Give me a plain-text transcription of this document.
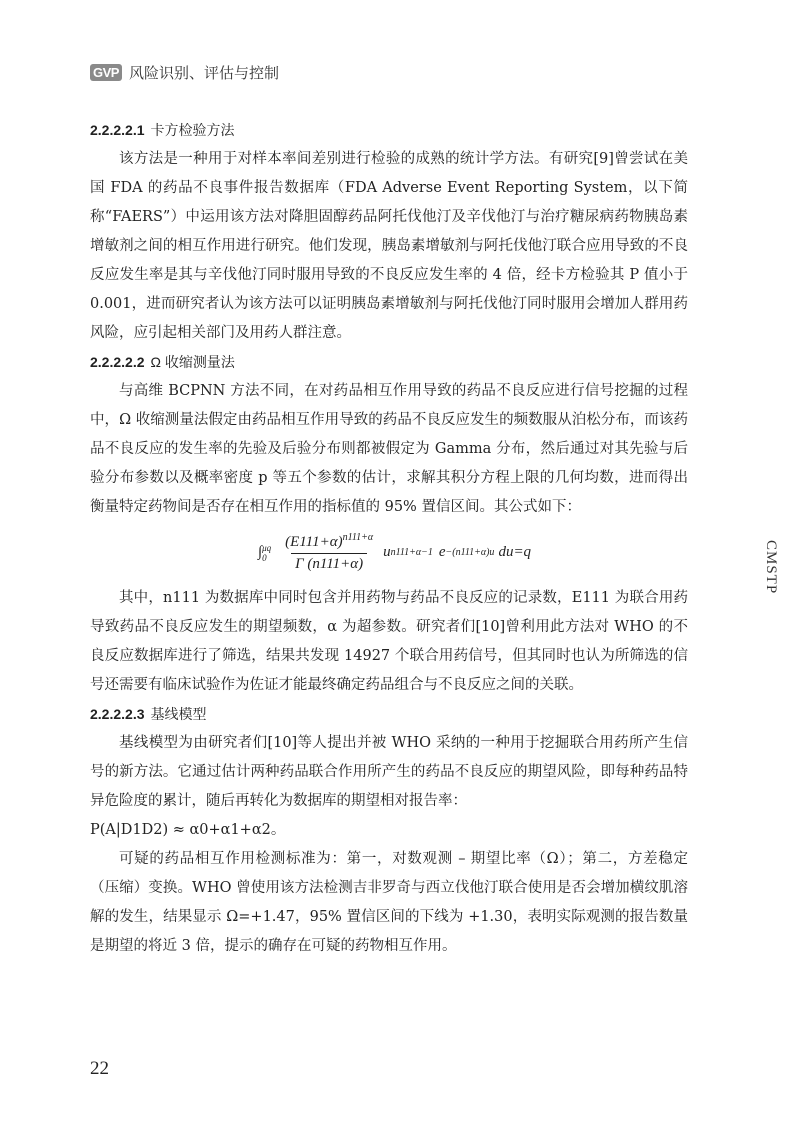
GVP 风险识别、评估与控制
2.2.2.2.1 卡方检验方法

该方法是一种用于对样本率间差别进行检验的成熟的统计学方法。有研究[9]曾尝试在美国 FDA 的药品不良事件报告数据库（FDA Adverse Event Reporting System，以下简称“FAERS”）中运用该方法对降胆固醇药品阿托伐他汀及辛伐他汀与治疗糖尿病药物胰岛素增敏剂之间的相互作用进行研究。他们发现，胰岛素增敏剂与阿托伐他汀联合应用导致的不良反应发生率是其与辛伐他汀同时服用导致的不良反应发生率的 4 倍，经卡方检验其 P 值小于 0.001，进而研究者认为该方法可以证明胰岛素增敏剂与阿托伐他汀同时服用会增加人群用药风险，应引起相关部门及用药人群注意。

2.2.2.2.2 Ω 收缩测量法

与高维 BCPNN 方法不同，在对药品相互作用导致的药品不良反应进行信号挖掘的过程中，Ω 收缩测量法假定由药品相互作用导致的药品不良反应发生的频数服从泊松分布，而该药品不良反应的发生率的先验及后验分布则都被假定为 Gamma 分布，然后通过对其先验与后验分布参数以及概率密度 p 等五个参数的估计，求解其积分方程上限的几何均数，进而得出衡量特定药物间是否存在相互作用的指标值的 95% 置信区间。其公式如下：

∫ μq
$0 \frac{(E111+\alpha)^{n111+\alpha}}{\Gamma (n111+\alpha)}$ u n111+α−1 e −(n111+α)u du=q

其中，n111 为数据库中同时包含并用药物与药品不良反应的记录数，E111 为联合用药导致药品不良反应发生的期望频数，α 为超参数。研究者们[10]曾利用此方法对 WHO 的不良反应数据库进行了筛选，结果共发现 14927 个联合用药信号，但其同时也认为所筛选的信号还需要有临床试验作为佐证才能最终确定药品组合与不良反应之间的关联。

2.2.2.2.3 基线模型

基线模型为由研究者们[10]等人提出并被 WHO 采纳的一种用于挖掘联合用药所产生信号的新方法。它通过估计两种药品联合作用所产生的药品不良反应的期望风险，即每种药品特异危险度的累计，随后再转化为数据库的期望相对报告率：

P(A|D1D2) ≈ α0+α1+α2。

可疑的药品相互作用检测标准为：第一，对数观测 – 期望比率（Ω）；第二，方差稳定（压缩）变换。WHO 曾使用该方法检测吉非罗奇与西立伐他汀联合使用是否会增加横纹肌溶解的发生，结果显示 Ω=+1.47，95% 置信区间的下线为 +1.30，表明实际观测的报告数量是期望的将近 3 倍，提示的确存在可疑的药物相互作用。

CMSTP
22
